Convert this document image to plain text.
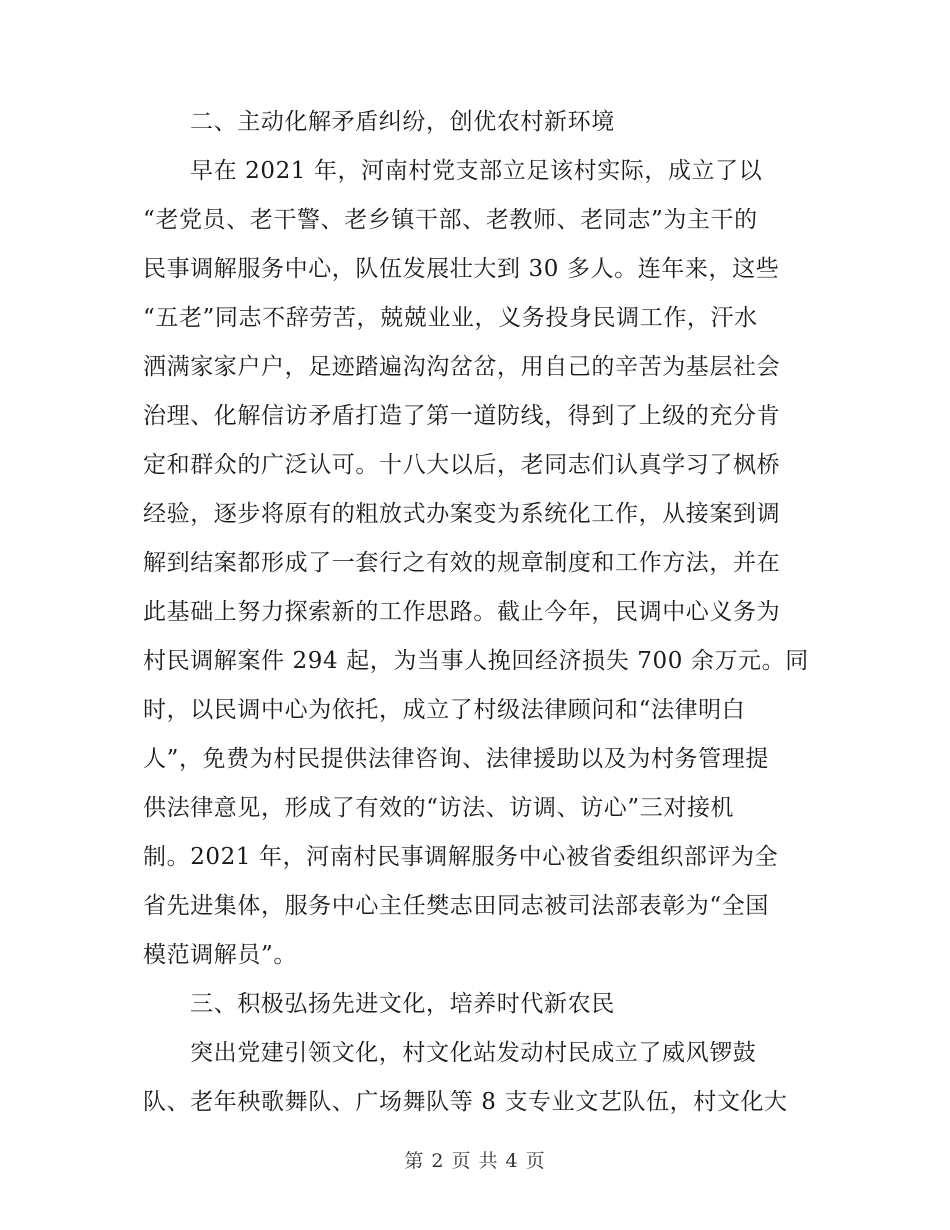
二、主动化解矛盾纠纷，创优农村新环境
早在 2021 年，河南村党支部立足该村实际，成立了以
“老党员、老干警、老乡镇干部、老教师、老同志”为主干的
民事调解服务中心，队伍发展壮大到 30 多人。连年来，这些
“五老”同志不辞劳苦，兢兢业业，义务投身民调工作，汗水
洒满家家户户，足迹踏遍沟沟岔岔，用自己的辛苦为基层社会
治理、化解信访矛盾打造了第一道防线，得到了上级的充分肯
定和群众的广泛认可。十八大以后，老同志们认真学习了枫桥
经验，逐步将原有的粗放式办案变为系统化工作，从接案到调
解到结案都形成了一套行之有效的规章制度和工作方法，并在
此基础上努力探索新的工作思路。截止今年，民调中心义务为
村民调解案件 294 起，为当事人挽回经济损失 700 余万元。同
时，以民调中心为依托，成立了村级法律顾问和“法律明白
人”，免费为村民提供法律咨询、法律援助以及为村务管理提
供法律意见，形成了有效的“访法、访调、访心”三对接机
制。2021 年，河南村民事调解服务中心被省委组织部评为全
省先进集体，服务中心主任樊志田同志被司法部表彰为“全国
模范调解员”。
三、积极弘扬先进文化，培养时代新农民
突出党建引领文化，村文化站发动村民成立了威风锣鼓
队、老年秧歌舞队、广场舞队等 8 支专业文艺队伍，村文化大
第 2 页 共 4 页
